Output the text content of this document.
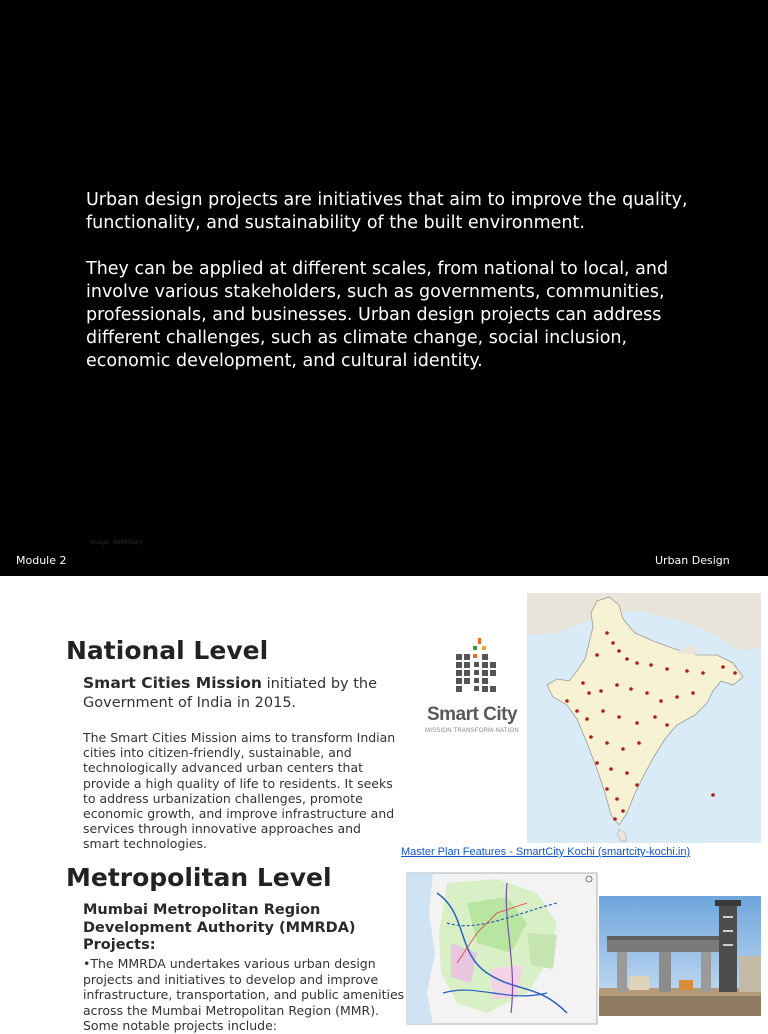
Urban design projects are initiatives that aim to improve the quality, functionality, and sustainability of the built environment.

They can be applied at different scales, from national to local, and involve various stakeholders, such as governments, communities, professionals, and businesses. Urban design projects can address different challenges, such as climate change, social inclusion, economic development, and cultural identity.

Image: AltMilitary
Module 2	Urban Design
National Level
Smart Cities Mission initiated by the
Government of India in 2015.
The Smart Cities Mission aims to transform Indian
cities into citizen-friendly, sustainable, and
technologically advanced urban centers that
provide a high quality of life to residents. It seeks
to address urbanization challenges, promote
economic growth, and improve infrastructure and
services through innovative approaches and
smart technologies.
Smart City
MISSION TRANSFORM-NATION
Master Plan Features - SmartCity Kochi (smartcity-kochi.in)
Metropolitan Level
Mumbai Metropolitan Region Development Authority (MMRDA) Projects:
•The MMRDA undertakes various urban design
projects and initiatives to develop and improve
infrastructure, transportation, and public amenities
across the Mumbai Metropolitan Region (MMR).
Some notable projects include:
